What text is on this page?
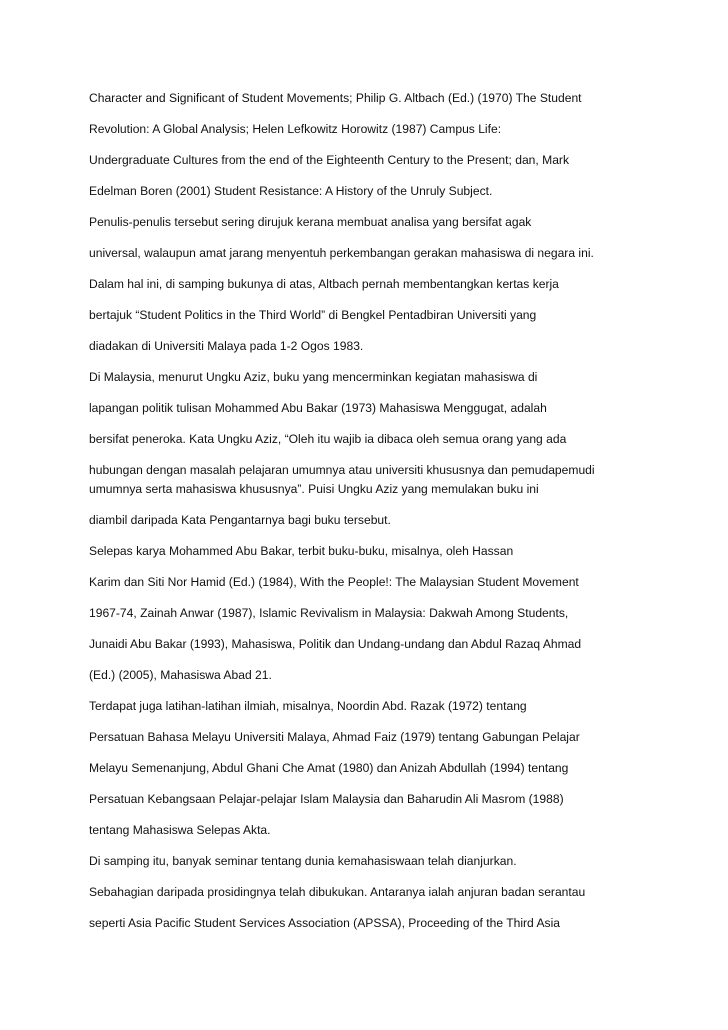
Character and Significant of Student Movements; Philip G. Altbach (Ed.) (1970) The Student
Revolution: A Global Analysis; Helen Lefkowitz Horowitz (1987) Campus Life:
Undergraduate Cultures from the end of the Eighteenth Century to the Present; dan, Mark
Edelman Boren (2001) Student Resistance: A History of the Unruly Subject.
Penulis-penulis tersebut sering dirujuk kerana membuat analisa yang bersifat agak
universal, walaupun amat jarang menyentuh perkembangan gerakan mahasiswa di negara ini.
Dalam hal ini, di samping bukunya di atas, Altbach pernah membentangkan kertas kerja
bertajuk “Student Politics in the Third World” di Bengkel Pentadbiran Universiti yang
diadakan di Universiti Malaya pada 1-2 Ogos 1983.
Di Malaysia, menurut Ungku Aziz, buku yang mencerminkan kegiatan mahasiswa di
lapangan politik tulisan Mohammed Abu Bakar (1973) Mahasiswa Menggugat, adalah
bersifat peneroka. Kata Ungku Aziz, “Oleh itu wajib ia dibaca oleh semua orang yang ada
hubungan dengan masalah pelajaran umumnya atau universiti khususnya dan pemudapemudi
umumnya serta mahasiswa khususnya”. Puisi Ungku Aziz yang memulakan buku ini
diambil daripada Kata Pengantarnya bagi buku tersebut.
Selepas karya Mohammed Abu Bakar, terbit buku-buku, misalnya, oleh Hassan
Karim dan Siti Nor Hamid (Ed.) (1984), With the People!: The Malaysian Student Movement
1967-74, Zainah Anwar (1987), Islamic Revivalism in Malaysia: Dakwah Among Students,
Junaidi Abu Bakar (1993), Mahasiswa, Politik dan Undang-undang dan Abdul Razaq Ahmad
(Ed.) (2005), Mahasiswa Abad 21.
Terdapat juga latihan-latihan ilmiah, misalnya, Noordin Abd. Razak (1972) tentang
Persatuan Bahasa Melayu Universiti Malaya, Ahmad Faiz (1979) tentang Gabungan Pelajar
Melayu Semenanjung, Abdul Ghani Che Amat (1980) dan Anizah Abdullah (1994) tentang
Persatuan Kebangsaan Pelajar-pelajar Islam Malaysia dan Baharudin Ali Masrom (1988)
tentang Mahasiswa Selepas Akta.
Di samping itu, banyak seminar tentang dunia kemahasiswaan telah dianjurkan.
Sebahagian daripada prosidingnya telah dibukukan. Antaranya ialah anjuran badan serantau
seperti Asia Pacific Student Services Association (APSSA), Proceeding of the Third Asia
